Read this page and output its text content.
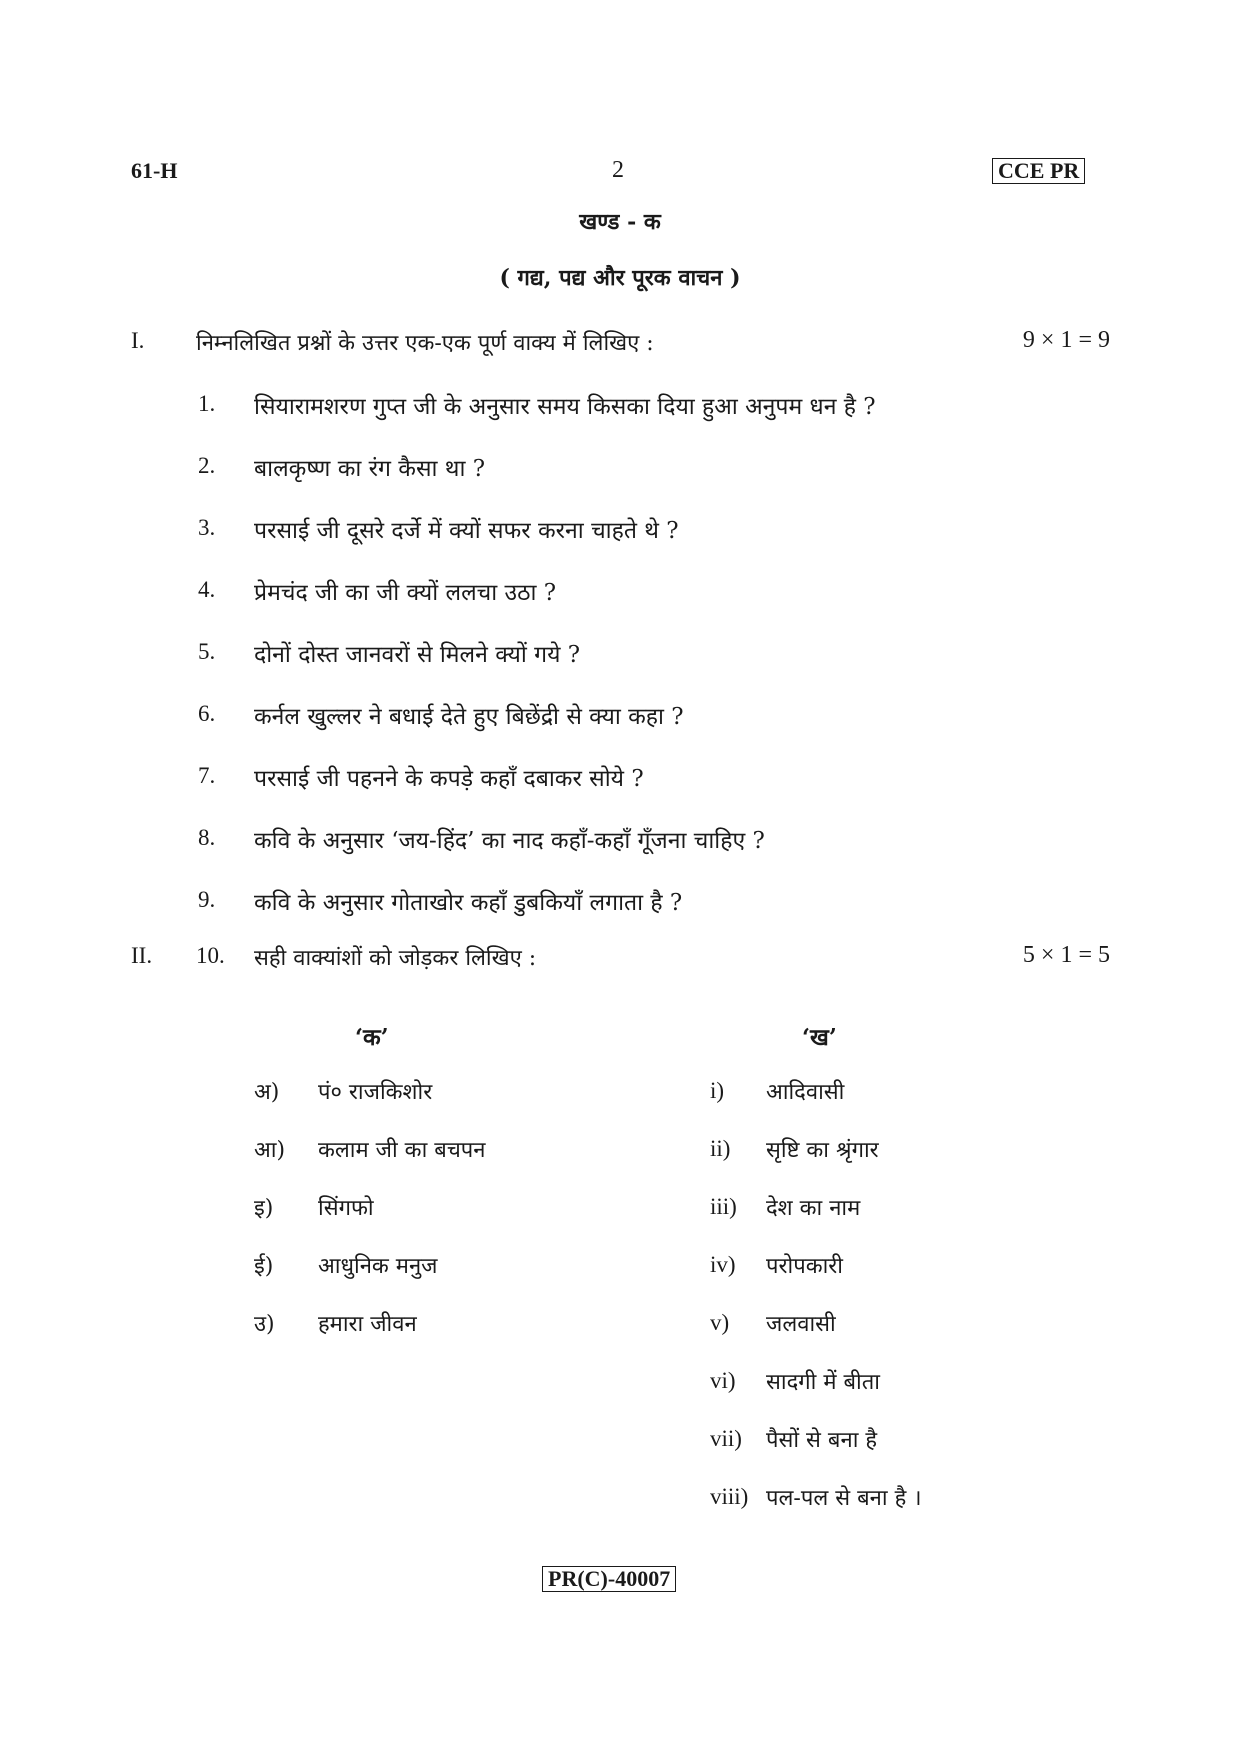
61-H	2	CCE PR
खण्ड - क
( गद्य, पद्य और पूरक वाचन )
I. निम्नलिखित प्रश्नों के उत्तर एक-एक पूर्ण वाक्य में लिखिए :	9 × 1 = 9
1. सियारामशरण गुप्त जी के अनुसार समय किसका दिया हुआ अनुपम धन है ?
2. बालकृष्ण का रंग कैसा था ?
3. परसाई जी दूसरे दर्जे में क्यों सफर करना चाहते थे ?
4. प्रेमचंद जी का जी क्यों ललचा उठा ?
5. दोनों दोस्त जानवरों से मिलने क्यों गये ?
6. कर्नल खुल्लर ने बधाई देते हुए बिछेंद्री से क्या कहा ?
7. परसाई जी पहनने के कपड़े कहाँ दबाकर सोये ?
8. कवि के अनुसार ‘जय-हिंद’ का नाद कहाँ-कहाँ गूँजना चाहिए ?
9. कवि के अनुसार गोताखोर कहाँ डुबकियाँ लगाता है ?
II. 10. सही वाक्यांशों को जोड़कर लिखिए :	5 × 1 = 5
‘क’	‘ख’
अ) पं० राजकिशोर
आ) कलाम जी का बचपन
इ) सिंगफो
ई) आधुनिक मनुज
उ) हमारा जीवन
i) आदिवासी
ii) सृष्टि का श्रृंगार
iii) देश का नाम
iv) परोपकारी
v) जलवासी
vi) सादगी में बीता
vii) पैसों से बना है
viii) पल-पल से बना है ।
PR(C)-40007
